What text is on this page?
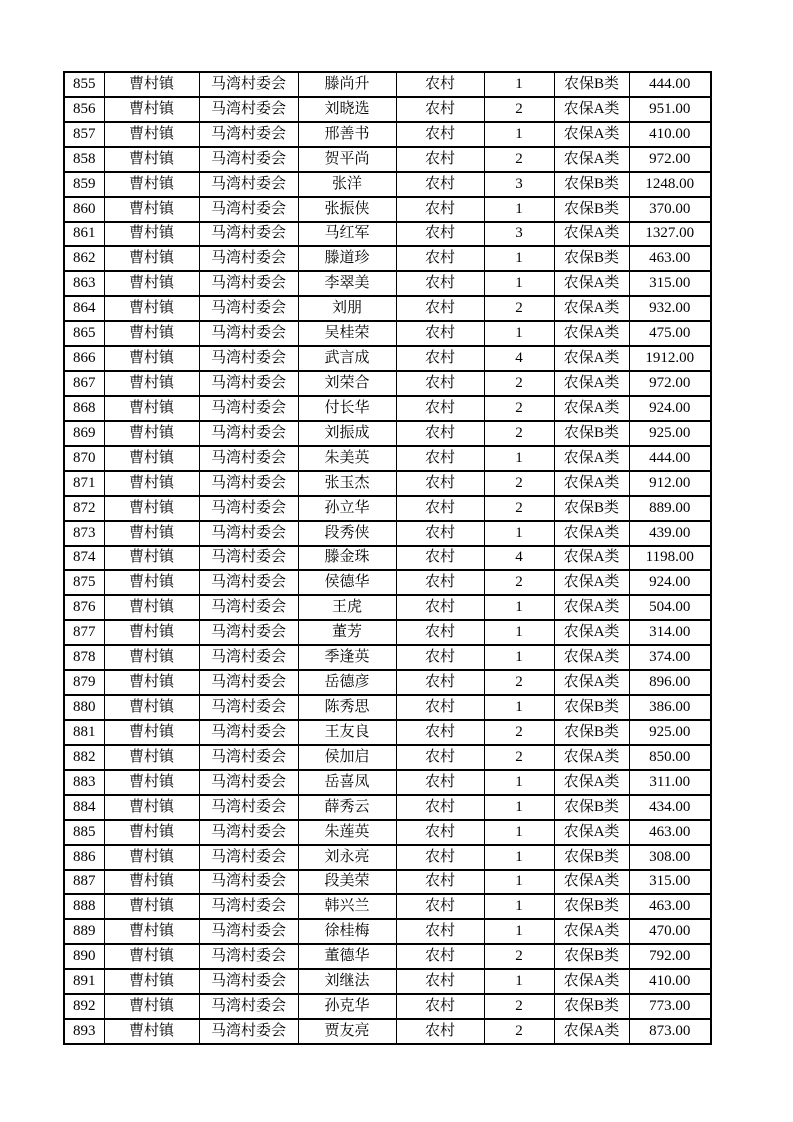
855	曹村镇	马湾村委会	滕尚升	农村	1	农保B类	444.00
856	曹村镇	马湾村委会	刘晓选	农村	2	农保A类	951.00
857	曹村镇	马湾村委会	邢善书	农村	1	农保A类	410.00
858	曹村镇	马湾村委会	贺平尚	农村	2	农保A类	972.00
859	曹村镇	马湾村委会	张洋	农村	3	农保B类	1248.00
860	曹村镇	马湾村委会	张振侠	农村	1	农保B类	370.00
861	曹村镇	马湾村委会	马红军	农村	3	农保A类	1327.00
862	曹村镇	马湾村委会	滕道珍	农村	1	农保B类	463.00
863	曹村镇	马湾村委会	李翠美	农村	1	农保A类	315.00
864	曹村镇	马湾村委会	刘朋	农村	2	农保A类	932.00
865	曹村镇	马湾村委会	吴桂荣	农村	1	农保A类	475.00
866	曹村镇	马湾村委会	武言成	农村	4	农保A类	1912.00
867	曹村镇	马湾村委会	刘荣合	农村	2	农保A类	972.00
868	曹村镇	马湾村委会	付长华	农村	2	农保A类	924.00
869	曹村镇	马湾村委会	刘振成	农村	2	农保B类	925.00
870	曹村镇	马湾村委会	朱美英	农村	1	农保A类	444.00
871	曹村镇	马湾村委会	张玉杰	农村	2	农保A类	912.00
872	曹村镇	马湾村委会	孙立华	农村	2	农保B类	889.00
873	曹村镇	马湾村委会	段秀侠	农村	1	农保A类	439.00
874	曹村镇	马湾村委会	滕金珠	农村	4	农保A类	1198.00
875	曹村镇	马湾村委会	侯德华	农村	2	农保A类	924.00
876	曹村镇	马湾村委会	王虎	农村	1	农保A类	504.00
877	曹村镇	马湾村委会	董芳	农村	1	农保A类	314.00
878	曹村镇	马湾村委会	季逢英	农村	1	农保A类	374.00
879	曹村镇	马湾村委会	岳德彦	农村	2	农保A类	896.00
880	曹村镇	马湾村委会	陈秀思	农村	1	农保B类	386.00
881	曹村镇	马湾村委会	王友良	农村	2	农保B类	925.00
882	曹村镇	马湾村委会	侯加启	农村	2	农保A类	850.00
883	曹村镇	马湾村委会	岳喜凤	农村	1	农保A类	311.00
884	曹村镇	马湾村委会	薛秀云	农村	1	农保B类	434.00
885	曹村镇	马湾村委会	朱莲英	农村	1	农保A类	463.00
886	曹村镇	马湾村委会	刘永亮	农村	1	农保B类	308.00
887	曹村镇	马湾村委会	段美荣	农村	1	农保A类	315.00
888	曹村镇	马湾村委会	韩兴兰	农村	1	农保B类	463.00
889	曹村镇	马湾村委会	徐桂梅	农村	1	农保A类	470.00
890	曹村镇	马湾村委会	董德华	农村	2	农保B类	792.00
891	曹村镇	马湾村委会	刘继法	农村	1	农保A类	410.00
892	曹村镇	马湾村委会	孙克华	农村	2	农保B类	773.00
893	曹村镇	马湾村委会	贾友亮	农村	2	农保A类	873.00
